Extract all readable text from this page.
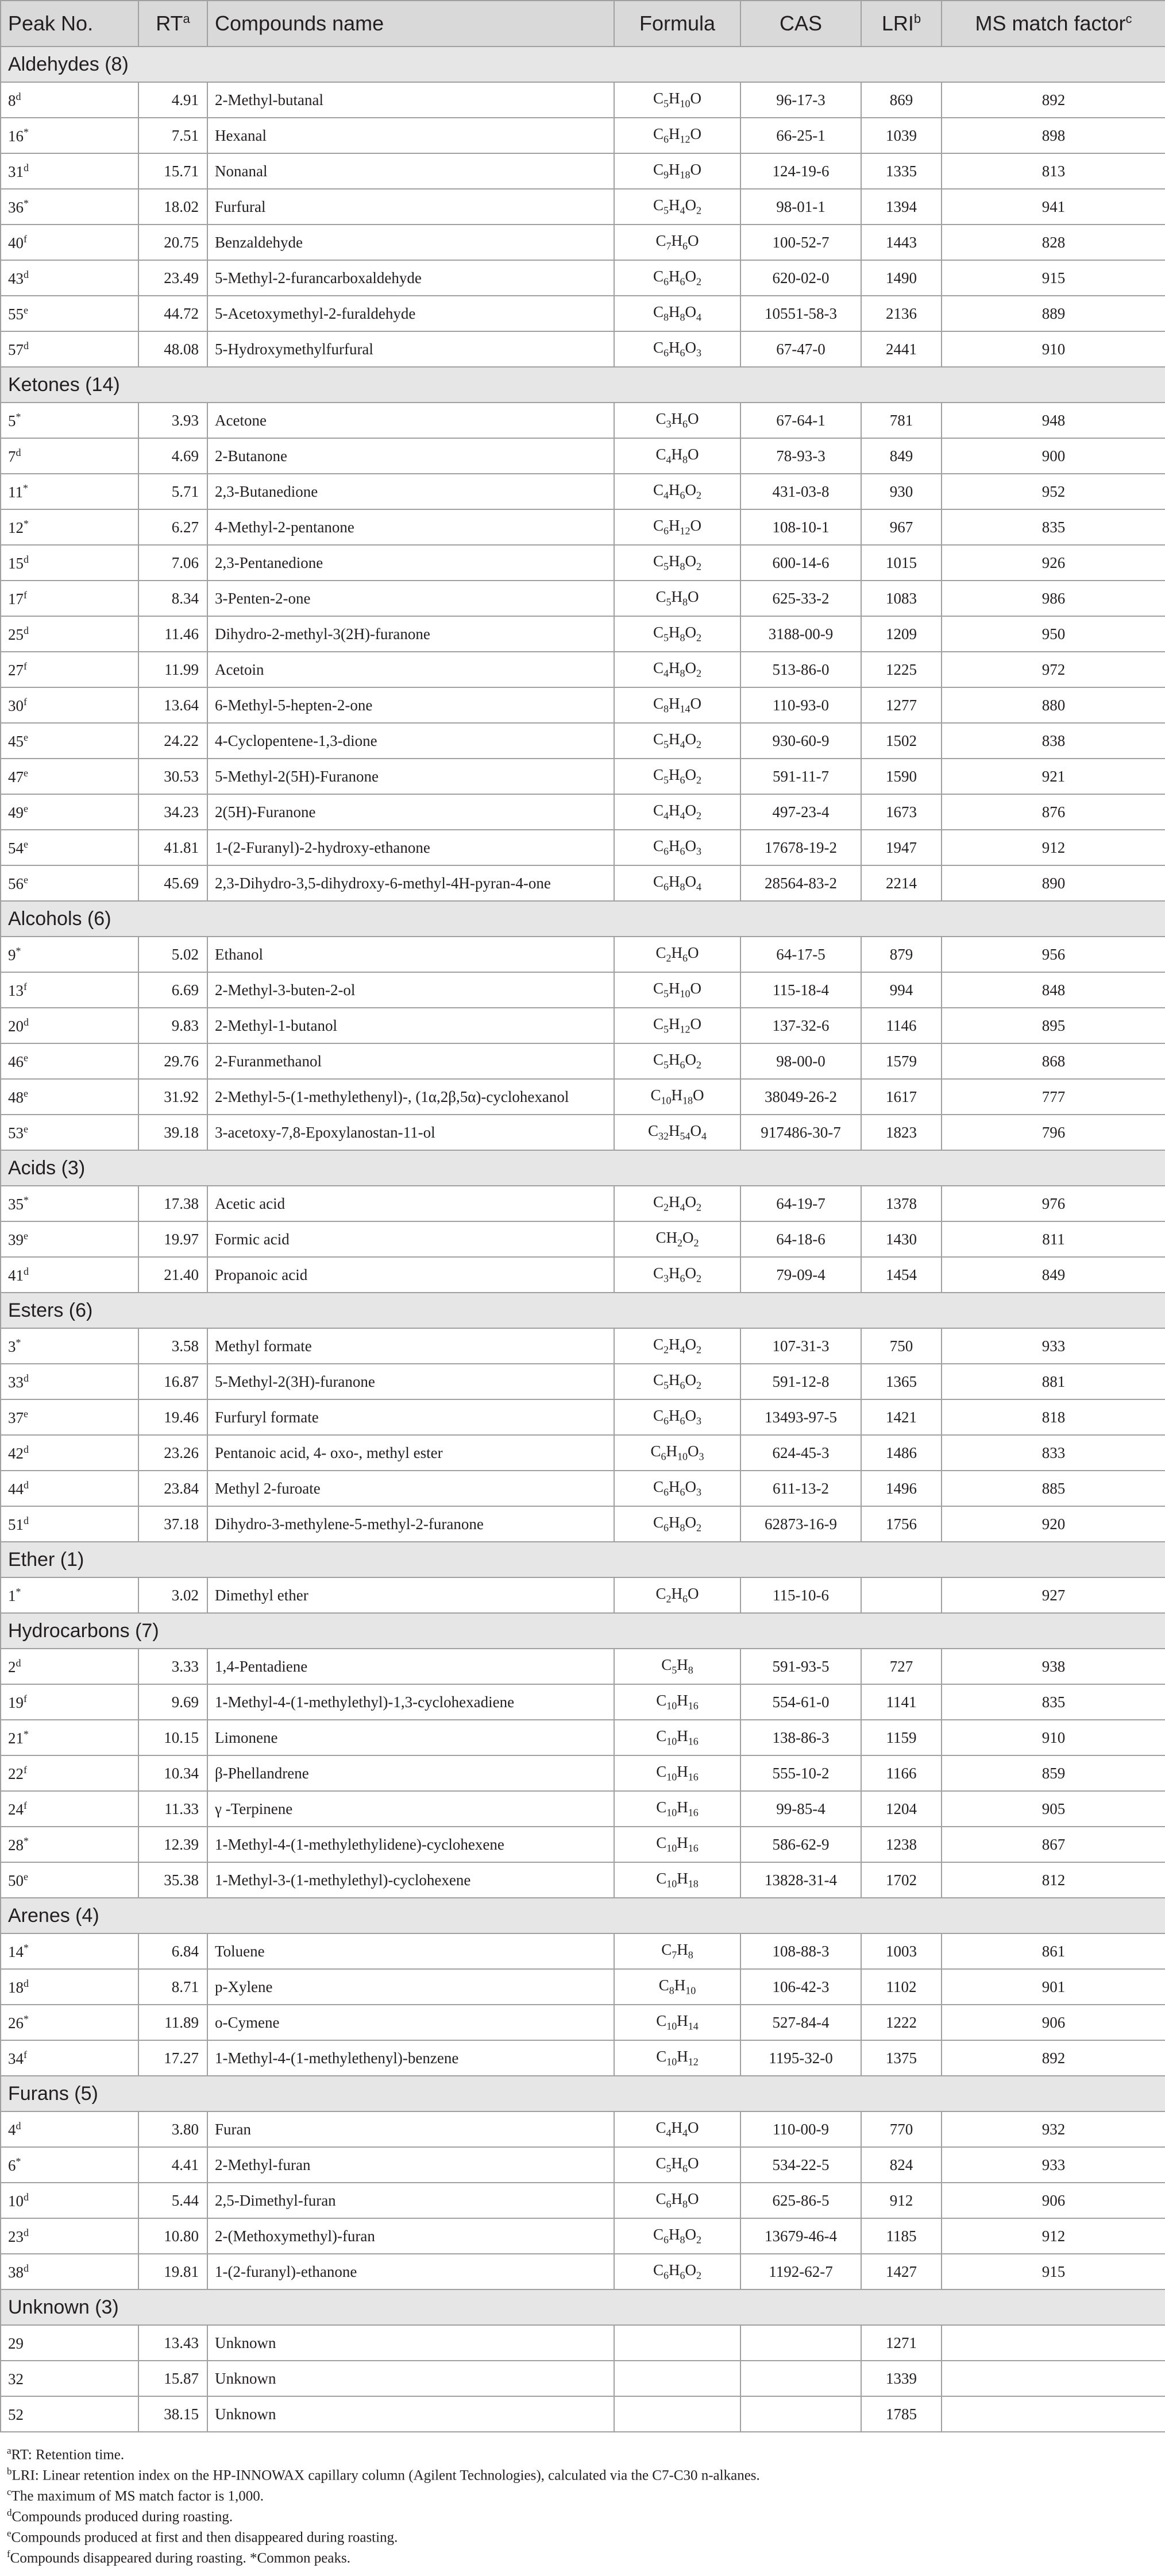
Peak No.	$RT^a$	Compounds name	Formula	CAS	LRI$^b$	MS match factor$^c$
Aldehydes (8)						
8$^d$	4.91	2-Methyl-butanal	$C_5H_{10}O$	96-17-3	869	892
16*	7.51	Hexanal	$C_6H_{12}O$	66-25-1	1039	898
31$^d$	15.71	Nonanal	$C_9H_{18}O$	124-19-6	1335	813
36*	18.02	Furfural	$C_5H_4O_2$	98-01-1	1394	941
40$^f$	20.75	Benzaldehyde	$C_7H_6O$	100-52-7	1443	828
43$^d$	23.49	5-Methyl-2-furancarboxaldehyde	$C_6H_6O_2$	620-02-0	1490	915
55e	44.72	5-Acetoxymethyl-2-furaldehyde	$C_8H_8O_4$	10551-58-3	2136	889
57$^d$	48.08	5-Hydroxymethylfurfural	$C_6H_6O_3$	67-47-0	2441	910
Ketones (14)						
5*	3.93	Acetone	$C_3H_6O$	67-64-1	781	948
7$^d$	4.69	2-Butanone	$C_4H_8O$	78-93-3	849	900
11*	5.71	2,3-Butanedione	$C_4H_6O_2$	431-03-8	930	952
12*	6.27	4-Methyl-2-pentanone	$C_6H_{12}O$	108-10-1	967	835
15$^d$	7.06	2,3-Pentanedione	$C_5H_8O_2$	600-14-6	1015	926
17$^f$	8.34	3-Penten-2-one	$C_5H_8O$	625-33-2	1083	986
25$^d$	11.46	Dihydro-2-methyl-3(2H)-furanone	$C_5H_8O_2$	3188-00-9	1209	950
27$^f$	11.99	Acetoin	$C_4H_8O_2$	513-86-0	1225	972
30$^f$	13.64	6-Methyl-5-hepten-2-one	$C_8H_{14}O$	110-93-0	1277	880
45e	24.22	4-Cyclopentene-1,3-dione	$C_5H_4O_2$	930-60-9	1502	838
47e	30.53	5-Methyl-2(5H)-Furanone	$C_5H_6O_2$	591-11-7	1590	921
49e	34.23	2(5H)-Furanone	$C_4H_4O_2$	497-23-4	1673	876
54e	41.81	1-(2-Furanyl)-2-hydroxy-ethanone	$C_6H_6O_3$	17678-19-2	1947	912
56e	45.69	2,3-Dihydro-3,5-dihydroxy-6-methyl-4H-pyran-4-one	$C_6H_8O_4$	28564-83-2	2214	890
Alcohols (6)						
9*	5.02	Ethanol	$C_2H_6O$	64-17-5	879	956
13$^f$	6.69	2-Methyl-3-buten-2-ol	$C_5H_{10}O$	115-18-4	994	848
20$^d$	9.83	2-Methyl-1-butanol	$C_5H_{12}O$	137-32-6	1146	895
46e	29.76	2-Furanmethanol	$C_5H_6O_2$	98-00-0	1579	868
48e	31.92	2-Methyl-5-(1-methylethenyl)-, (1α,2β,5α)-cyclohexanol	$C_{10}H_{18}O$	38049-26-2	1617	777
53e	39.18	3-acetoxy-7,8-Epoxylanostan-11-ol	$C_{32}H_{54}O_4$	917486-30-7	1823	796
Acids (3)						
35*	17.38	Acetic acid	$C_2H_4O_2$	64-19-7	1378	976
39e	19.97	Formic acid	$CH_2O_2$	64-18-6	1430	811
41$^d$	21.40	Propanoic acid	$C_3H_6O_2$	79-09-4	1454	849
Esters (6)						
3*	3.58	Methyl formate	$C_2H_4O_2$	107-31-3	750	933
33$^d$	16.87	5-Methyl-2(3H)-furanone	$C_5H_6O_2$	591-12-8	1365	881
37e	19.46	Furfuryl formate	$C_6H_6O_3$	13493-97-5	1421	818
42$^d$	23.26	Pentanoic acid, 4- oxo-, methyl ester	$C_6H_{10}O_3$	624-45-3	1486	833
44$^d$	23.84	Methyl 2-furoate	$C_6H_6O_3$	611-13-2	1496	885
51$^d$	37.18	Dihydro-3-methylene-5-methyl-2-furanone	$C_6H_8O_2$	62873-16-9	1756	920
Ether (1)						
1*	3.02	Dimethyl ether	$C_2H_6O$	115-10-6		927
Hydrocarbons (7)						
2$^d$	3.33	1,4-Pentadiene	$C_5H_8$	591-93-5	727	938
19$^f$	9.69	1-Methyl-4-(1-methylethyl)-1,3-cyclohexadiene	$C_{10}H_{16}$	554-61-0	1141	835
21*	10.15	Limonene	$C_{10}H_{16}$	138-86-3	1159	910
22$^f$	10.34	β-Phellandrene	$C_{10}H_{16}$	555-10-2	1166	859
24$^f$	11.33	γ -Terpinene	$C_{10}H_{16}$	99-85-4	1204	905
28*	12.39	1-Methyl-4-(1-methylethylidene)-cyclohexene	$C_{10}H_{16}$	586-62-9	1238	867
50e	35.38	1-Methyl-3-(1-methylethyl)-cyclohexene	$C_{10}H_{18}$	13828-31-4	1702	812
Arenes (4)						
14*	6.84	Toluene	$C_7H_8$	108-88-3	1003	861
18$^d$	8.71	p-Xylene	$C_8H_{10}$	106-42-3	1102	901
26*	11.89	o-Cymene	$C_{10}H_{14}$	527-84-4	1222	906
34$^f$	17.27	1-Methyl-4-(1-methylethenyl)-benzene	$C_{10}H_{12}$	1195-32-0	1375	892
Furans (5)						
4$^d$	3.80	Furan	$C_4H_4O$	110-00-9	770	932
6*	4.41	2-Methyl-furan	$C_5H_6O$	534-22-5	824	933
10$^d$	5.44	2,5-Dimethyl-furan	$C_6H_8O$	625-86-5	912	906
23$^d$	10.80	2-(Methoxymethyl)-furan	$C_6H_8O_2$	13679-46-4	1185	912
38$^d$	19.81	1-(2-furanyl)-ethanone	$C_6H_6O_2$	1192-62-7	1427	915
Unknown (3)						
29	13.43	Unknown			1271	
32	15.87	Unknown			1339	
52	38.15	Unknown			1785	
$^a$RT: Retention time.
$^b$LRI: Linear retention index on the HP-INNOWAX capillary column (Agilent Technologies), calculated via the C7-C30 n-alkanes.
$^c$The maximum of MS match factor is 1,000.
$^d$Compounds produced during roasting.
$^e$Compounds produced at first and then disappeared during roasting.
$^f$Compounds disappeared during roasting. *Common peaks.
